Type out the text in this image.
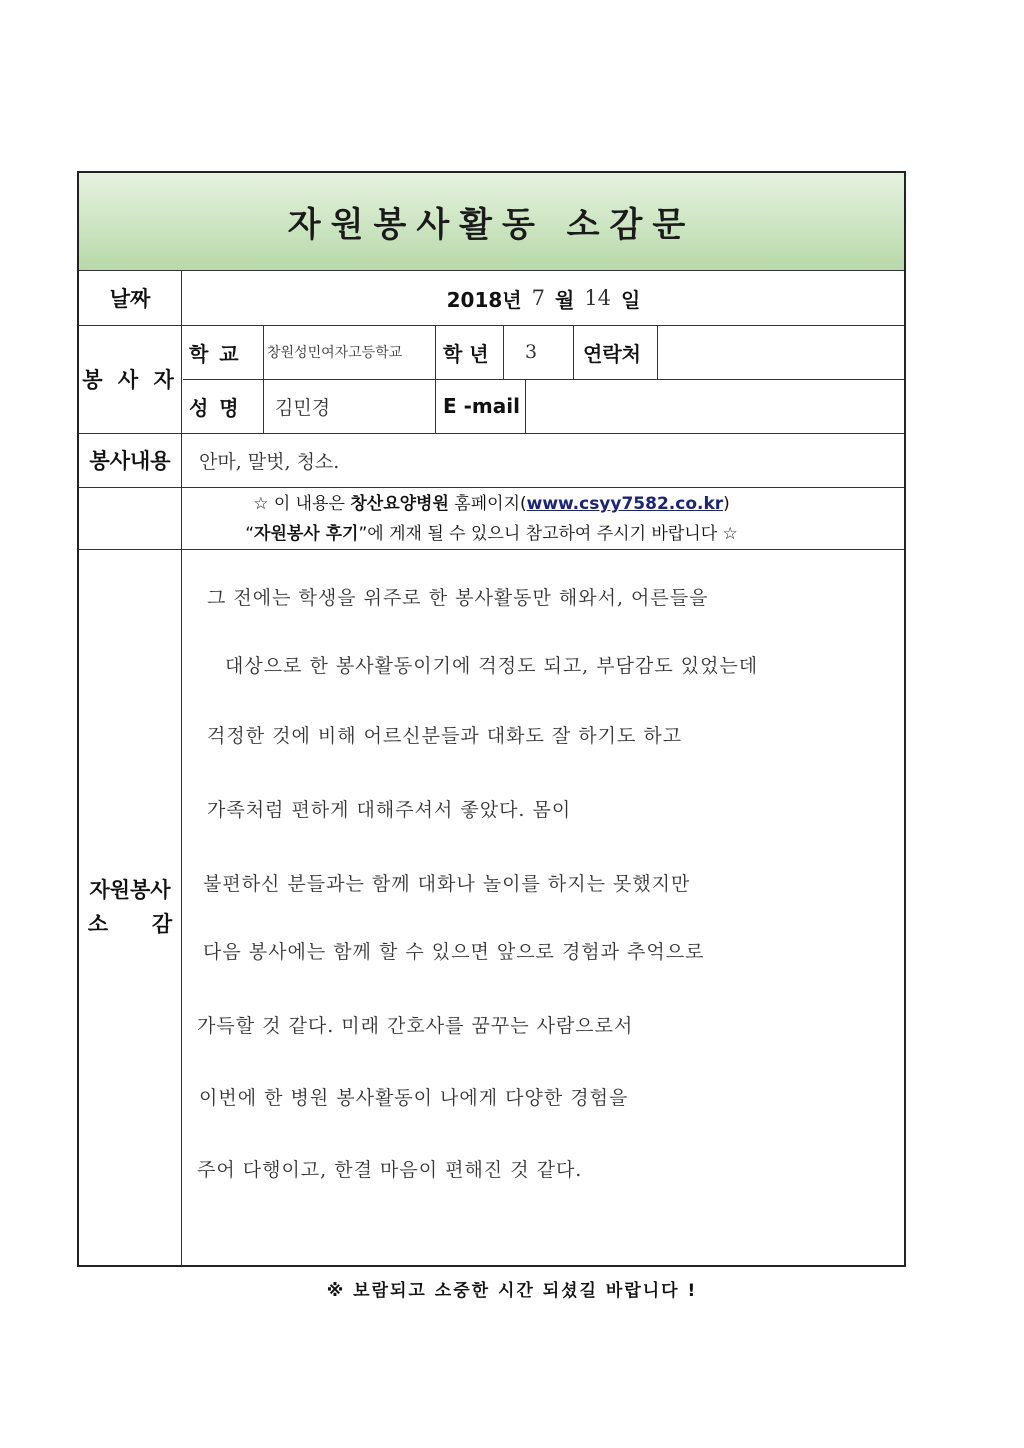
자원봉사활동 소감문
날짜	2018년 7 월 14 일
봉 사 자
학 교	창원성민여자고등학교	학 년	3	연락처
성 명	김민경	E -mail
봉사내용	안마, 말벗, 청소.
☆ 이 내용은 창산요양병원 홈페이지(www.csyy7582.co.kr)
“자원봉사 후기”에 게재 될 수 있으니 참고하여 주시기 바랍니다 ☆
자원봉사
소      감
그 전에는 학생을 위주로 한 봉사활동만 해와서, 어른들을
대상으로 한 봉사활동이기에 걱정도 되고, 부담감도 있었는데
걱정한 것에 비해 어르신분들과 대화도 잘 하기도 하고
가족처럼 편하게 대해주셔서 좋았다. 몸이
불편하신 분들과는 함께 대화나 놀이를 하지는 못했지만
다음 봉사에는 함께 할 수 있으면 앞으로 경험과 추억으로
가득할 것 같다. 미래 간호사를 꿈꾸는 사람으로서
이번에 한 병원 봉사활동이 나에게 다양한 경험을
주어 다행이고, 한결 마음이 편해진 것 같다.
※ 보람되고 소중한 시간 되셨길 바랍니다 !
